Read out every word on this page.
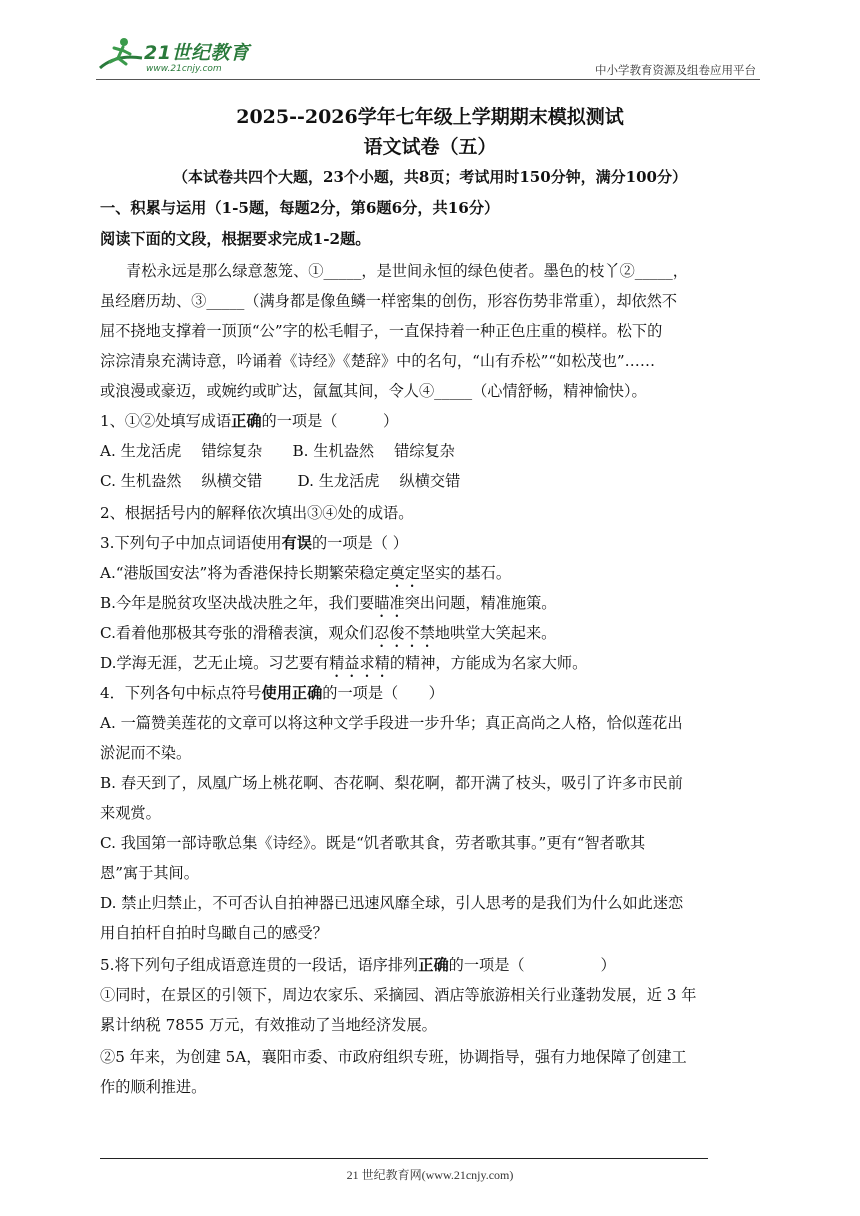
21世纪教育
www.21cnjy.com	中小学教育资源及组卷应用平台
2025--2026学年七年级上学期期末模拟测试
语文试卷（五）
（本试卷共四个大题，23个小题，共8页；考试用时150分钟，满分100分）
一、积累与运用（1-5题，每题2分，第6题6分，共16分）
阅读下面的文段，根据要求完成1-2题。
青松永远是那么绿意葱笼、①_____，是世间永恒的绿色使者。墨色的枝丫②_____，
虽经磨历劫、③_____（满身都是像鱼鳞一样密集的创伤，形容伤势非常重），却依然不
屈不挠地支撑着一顶顶“公”字的松毛帽子，一直保持着一种正色庄重的模样。松下的
淙淙清泉充满诗意，吟诵着《诗经》《楚辞》中的名句，“山有乔松”“如松茂也”……
或浪漫或豪迈，或婉约或旷达，氤氲其间，令人④_____（心情舒畅，精神愉快）。
1、①②处填写成语正确的一项是（　　　）
A. 生龙活虎　 错综复杂　　B. 生机盎然　 错综复杂
C. 生机盎然　 纵横交错　　 D. 生龙活虎　 纵横交错
2、根据括号内的解释依次填出③④处的成语。
3.下列句子中加点词语使用有误的一项是（ ）
A.“港版国安法”将为香港保持长期繁荣稳定奠定坚实的基石。
B.今年是脱贫攻坚决战决胜之年，我们要瞄准突出问题，精准施策。
C.看着他那极其夸张的滑稽表演，观众们忍俊不禁地哄堂大笑起来。
D.学海无涯，艺无止境。习艺要有精益求精的精神，方能成为名家大师。
4．下列各句中标点符号使用正确的一项是（　　）
A. 一篇赞美莲花的文章可以将这种文学手段进一步升华；真正高尚之人格，恰似莲花出
淤泥而不染。
B. 春天到了，凤凰广场上桃花啊、杏花啊、梨花啊，都开满了枝头，吸引了许多市民前
来观赏。
C. 我国第一部诗歌总集《诗经》。既是“饥者歌其食，劳者歌其事。”更有“智者歌其
恩”寓于其间。
D. 禁止归禁止，不可否认自拍神器已迅速风靡全球，引人思考的是我们为什么如此迷恋
用自拍杆自拍时鸟瞰自己的感受？
5.将下列句子组成语意连贯的一段话，语序排列正确的一项是（　　　　　）
①同时，在景区的引领下，周边农家乐、采摘园、酒店等旅游相关行业蓬勃发展，近 3 年
累计纳税 7855 万元，有效推动了当地经济发展。
②5 年来，为创建 5A，襄阳市委、市政府组织专班，协调指导，强有力地保障了创建工
作的顺利推进。
21 世纪教育网(www.21cnjy.com)
